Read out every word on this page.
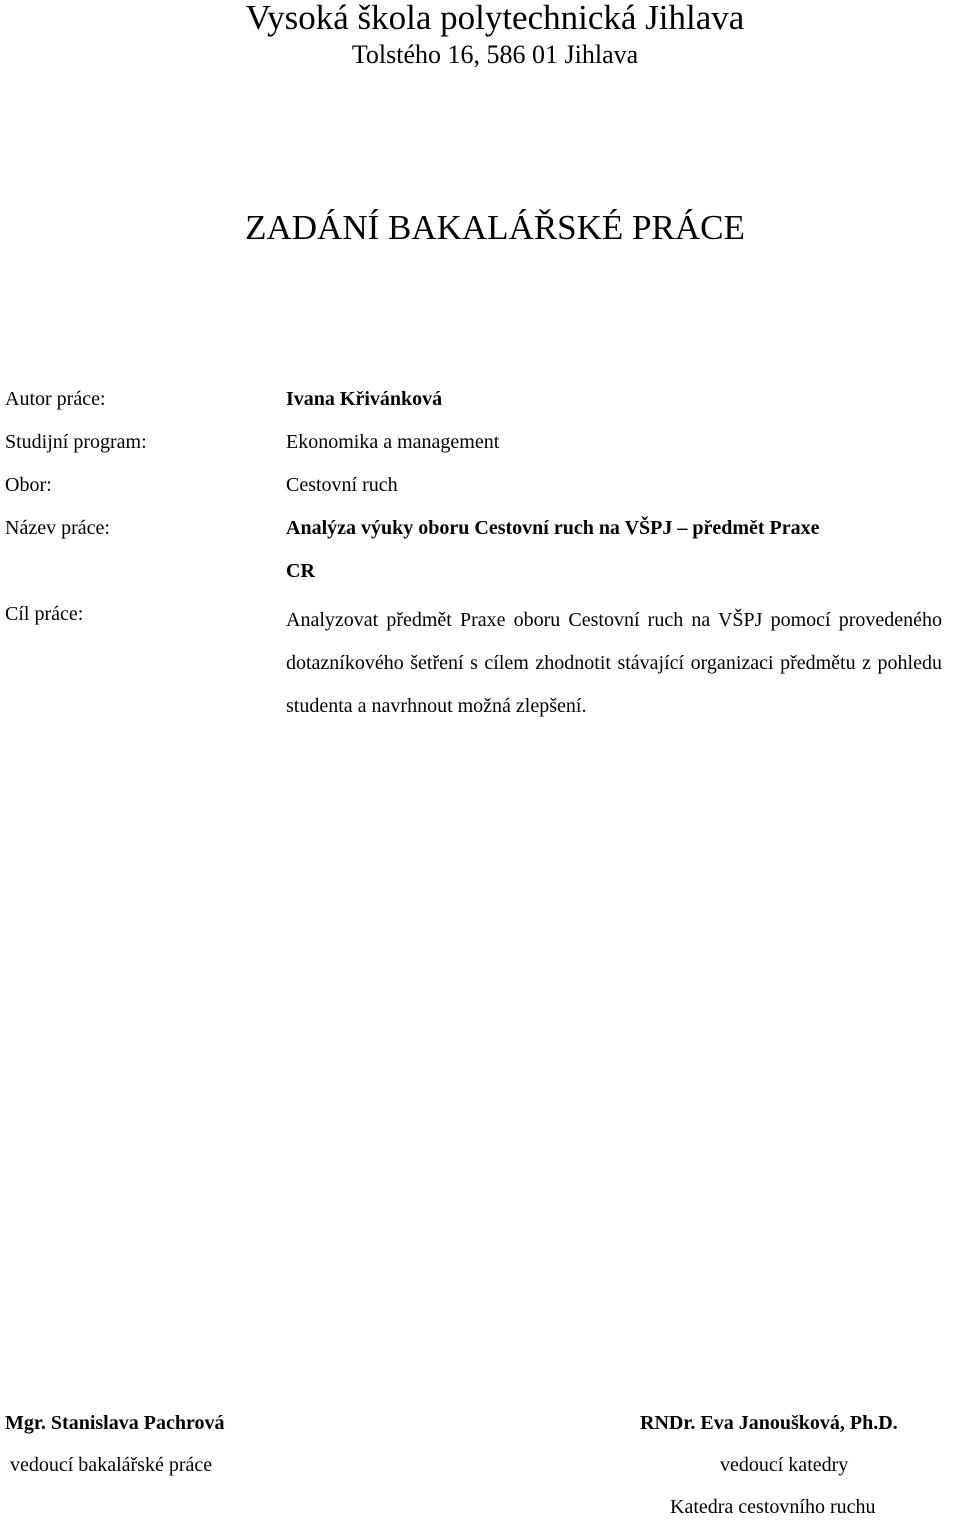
Vysoká škola polytechnická Jihlava
Tolstého 16, 586 01 Jihlava
ZADÁNÍ BAKALÁŘSKÉ PRÁCE
Autor práce:	Ivana Křivánková
Studijní program:	Ekonomika a management
Obor:	Cestovní ruch
Název práce:	Analýza výuky oboru Cestovní ruch na VŠPJ – předmět Praxe
CR
Cíl práce:	Analyzovat předmět Praxe oboru Cestovní ruch na VŠPJ pomocí provedeného dotazníkového šetření s cílem zhodnotit stávající organizaci předmětu z pohledu studenta a navrhnout možná zlepšení.
Mgr. Stanislava Pachrová
vedoucí bakalářské práce
RNDr. Eva Janoušková, Ph.D.
vedoucí katedry
Katedra cestovního ruchu
